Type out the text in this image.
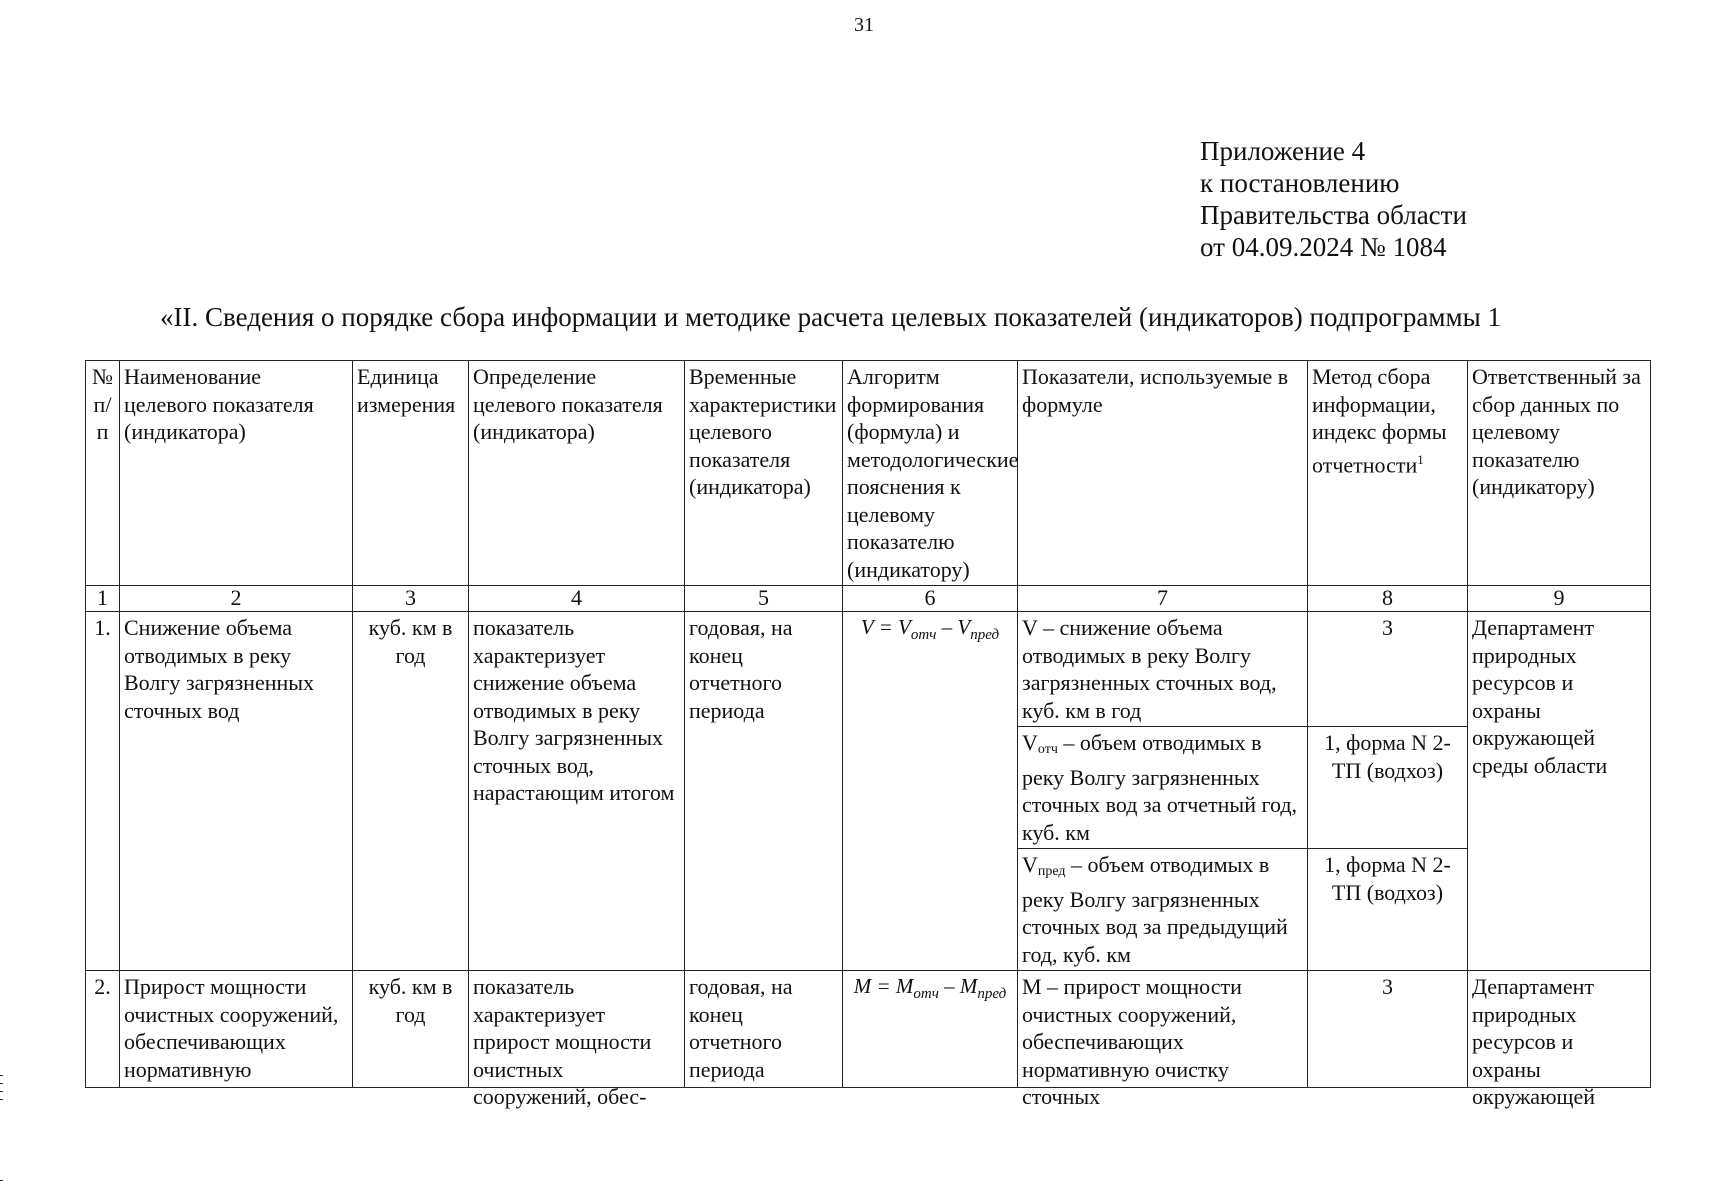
31
Приложение 4
к постановлению
Правительства области
от 04.09.2024 № 1084
«II. Сведения о порядке сбора информации и методике расчета целевых показателей (индикаторов) подпрограммы 1
№ п/п	Наименование целевого показателя (индикатора)	Единица измерения	Определение целевого показателя (индикатора)	Временные характеристики целевого показателя (индикатора)	Алгоритм формирования (формула) и методологические пояснения к целевому показателю (индикатору)	Показатели, используемые в формуле	Метод сбора информации, индекс формы отчетности$^1$	Ответственный за сбор данных по целевому показателю (индикатору)
1	2	3	4	5	6	7	8	9
1.	Снижение объема отводимых в реку Волгу загрязненных сточных вод	куб. км в год	показатель характеризует снижение объема отводимых в реку Волгу загрязненных сточных вод, нарастающим итогом	годовая, на конец отчетного периода	$V = V_{отч} - V_{пред}$	V – снижение объема отводимых в реку Волгу загрязненных сточных вод, куб. км в год	3	Департамент природных ресурсов и охраны окружающей среды области
						Vотч – объем отводимых в реку Волгу загрязненных сточных вод за отчетный год, куб. км	1, форма N 2-ТП (водхоз)	
						Vпред – объем отводимых в реку Волгу загрязненных сточных вод за предыдущий год, куб. км	1, форма N 2-ТП (водхоз)	

2.	Прирост мощности очистных сооружений, обеспечивающих нормативную	куб. км в год	показатель характеризует прирост мощности очистных сооружений, обес-	годовая, на конец отчетного периода	$M = M_{отч} - M_{пред}$	M – прирост мощности очистных сооружений, обеспечивающих нормативную очистку сточных	3	Департамент природных ресурсов и охраны окружающей
